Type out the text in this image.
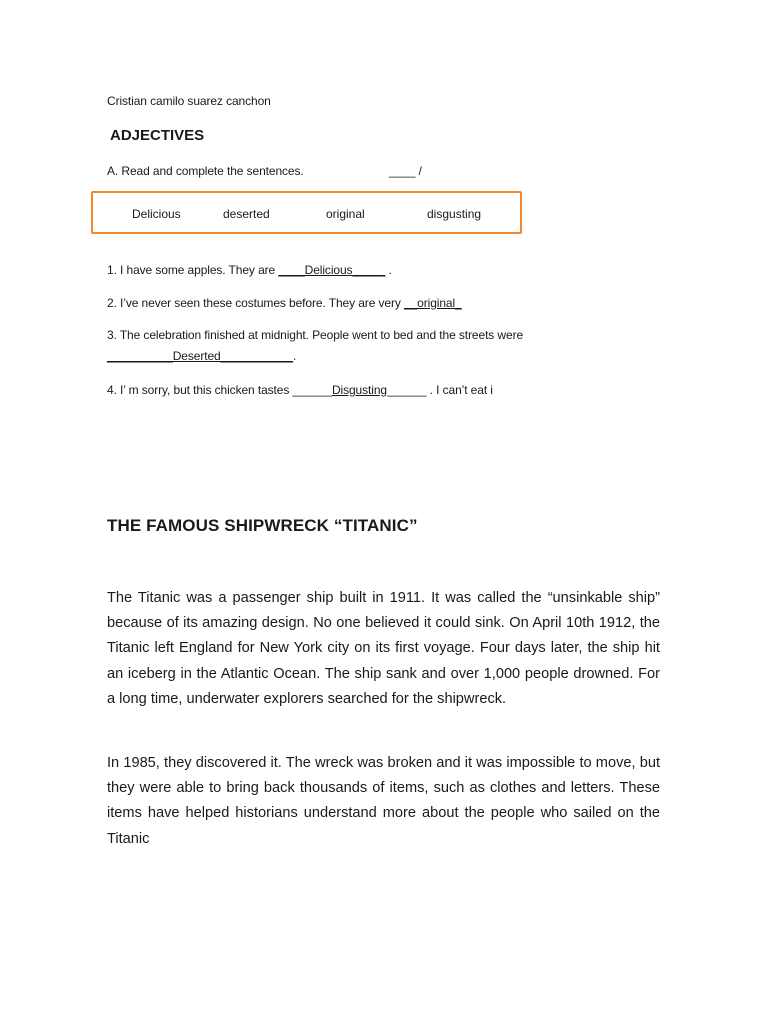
Cristian camilo suarez canchon
ADJECTIVES
A. Read and complete the sentences.	____ /
Delicious	deserted	original	disgusting
1. I have some apples. They are ____Delicious_____ .
2. I’ve never seen these costumes before. They are very __original_
3. The celebration finished at midnight. People went to bed and the streets were
__________Deserted___________.
4. I’ m sorry, but this chicken tastes ______Disgusting______ . I can’t eat i
THE FAMOUS SHIPWRECK “TITANIC”

The Titanic was a passenger ship built in 1911. It was called the “unsinkable ship” because of its amazing design. No one believed it could sink. On April 10th 1912, the Titanic left England for New York city on its first voyage. Four days later, the ship hit an iceberg in the Atlantic Ocean. The ship sank and over 1,000 people drowned. For a long time, underwater explorers searched for the shipwreck.

In 1985, they discovered it. The wreck was broken and it was impossible to move, but they were able to bring back thousands of items, such as clothes and letters. These items have helped historians understand more about the people who sailed on the Titanic
